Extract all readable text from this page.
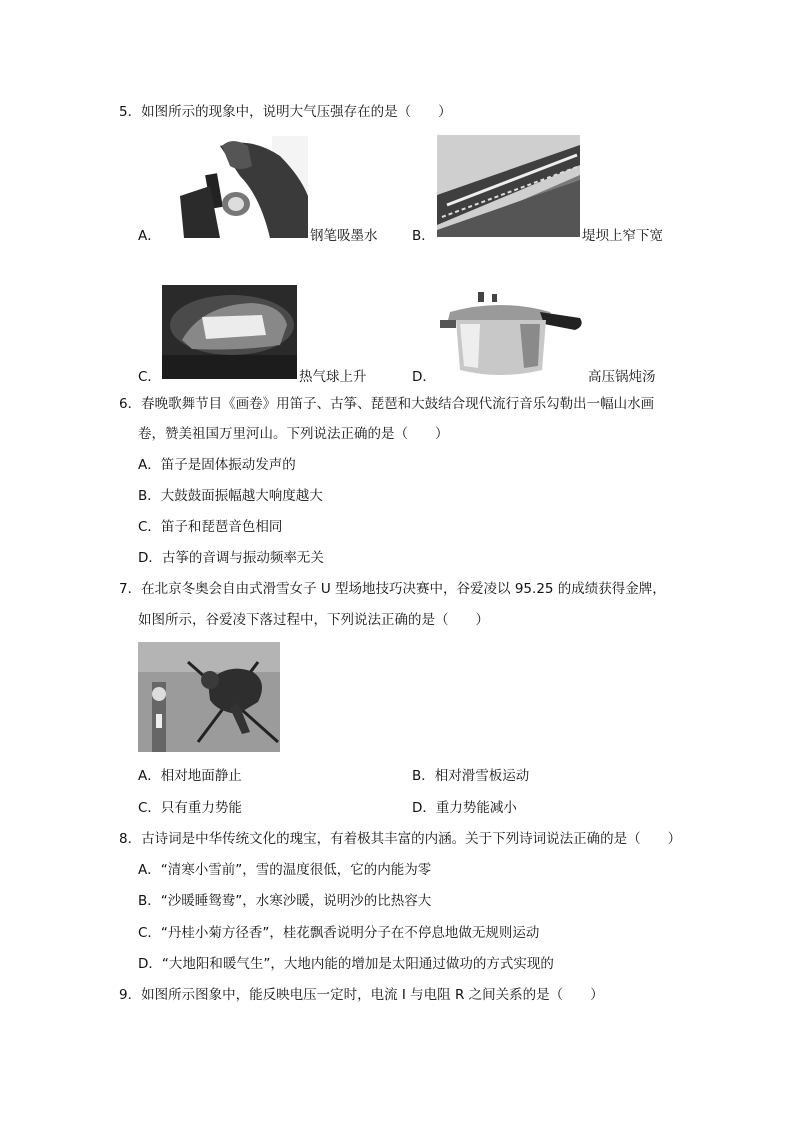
5．如图所示的现象中，说明大气压强存在的是（　　）
A．	钢笔吸墨水	B．	堤坝上窄下宽
C．	热气球上升	D．	高压锅炖汤
6．春晚歌舞节目《画卷》用笛子、古筝、琵琶和大鼓结合现代流行音乐勾勒出一幅山水画
卷，赞美祖国万里河山。下列说法正确的是（　　）
A．笛子是固体振动发声的
B．大鼓鼓面振幅越大响度越大
C．笛子和琵琶音色相同
D．古筝的音调与振动频率无关
7．在北京冬奥会自由式滑雪女子 U 型场地技巧决赛中，谷爱凌以 95.25 的成绩获得金牌，
如图所示，谷爱凌下落过程中，下列说法正确的是（　　）
A．相对地面静止	B．相对滑雪板运动
C．只有重力势能	D．重力势能减小
8．古诗词是中华传统文化的瑰宝，有着极其丰富的内涵。关于下列诗词说法正确的是（　　）
A．“清寒小雪前”，雪的温度很低，它的内能为零
B．“沙暖睡鸳鸯”，水寒沙暖，说明沙的比热容大
C．“丹桂小菊方径香”，桂花飘香说明分子在不停息地做无规则运动
D．“大地阳和暖气生”，大地内能的增加是太阳通过做功的方式实现的
9．如图所示图象中，能反映电压一定时，电流 I 与电阻 R 之间关系的是（　　）
